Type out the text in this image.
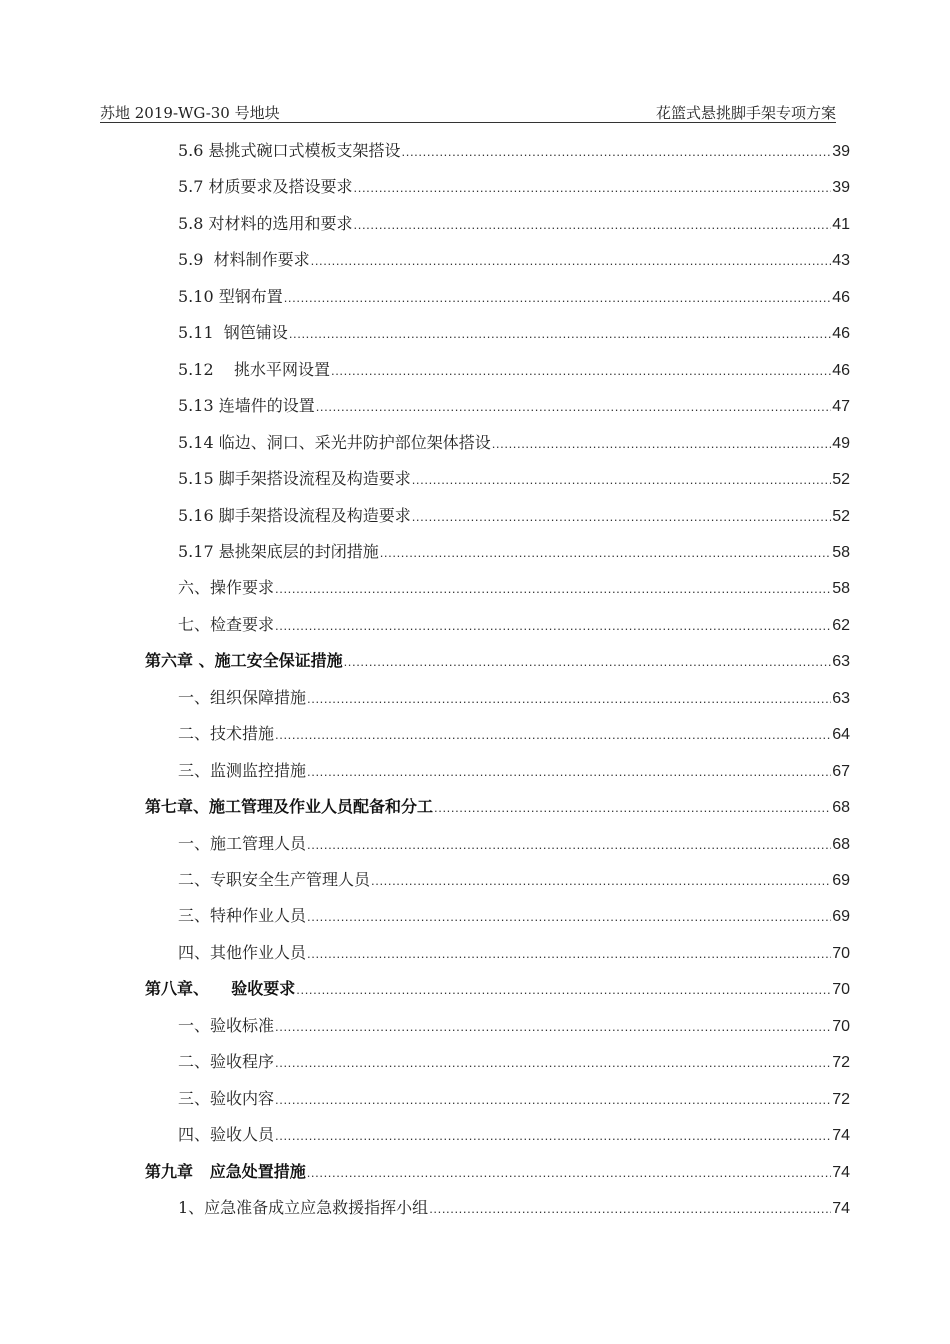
苏地 2019-WG-30 号地块	花篮式悬挑脚手架专项方案
5.6 悬挑式碗口式模板支架搭设 .....	39
5.7 材质要求及搭设要求 .....	39
5.8 对材料的选用和要求 .....	41
5.9  材料制作要求 .....	43
5.10 型钢布置 .....	46
5.11  钢笆铺设 .....	46
5.12    挑水平网设置 .....	46
5.13 连墙件的设置 .....	47
5.14 临边、洞口、采光井防护部位架体搭设 .....	49
5.15 脚手架搭设流程及构造要求 .....	52
5.16 脚手架搭设流程及构造要求 .....	52
5.17 悬挑架底层的封闭措施 .....	58
六、操作要求 .....	58
七、检查要求 .....	62
第六章 、施工安全保证措施 .....	63
一、组织保障措施 .....	63
二、技术措施 .....	64
三、监测监控措施 .....	67
第七章、施工管理及作业人员配备和分工 .....	68
一、施工管理人员 .....	68
二、专职安全生产管理人员 .....	69
三、特种作业人员 .....	69
四、其他作业人员 .....	70
第八章、    验收要求 .....	70
一、验收标准 .....	70
二、验收程序 .....	72
三、验收内容 .....	72
四、验收人员 .....	74
第九章   应急处置措施 .....	74
1、应急准备成立应急救援指挥小组 .....	74
